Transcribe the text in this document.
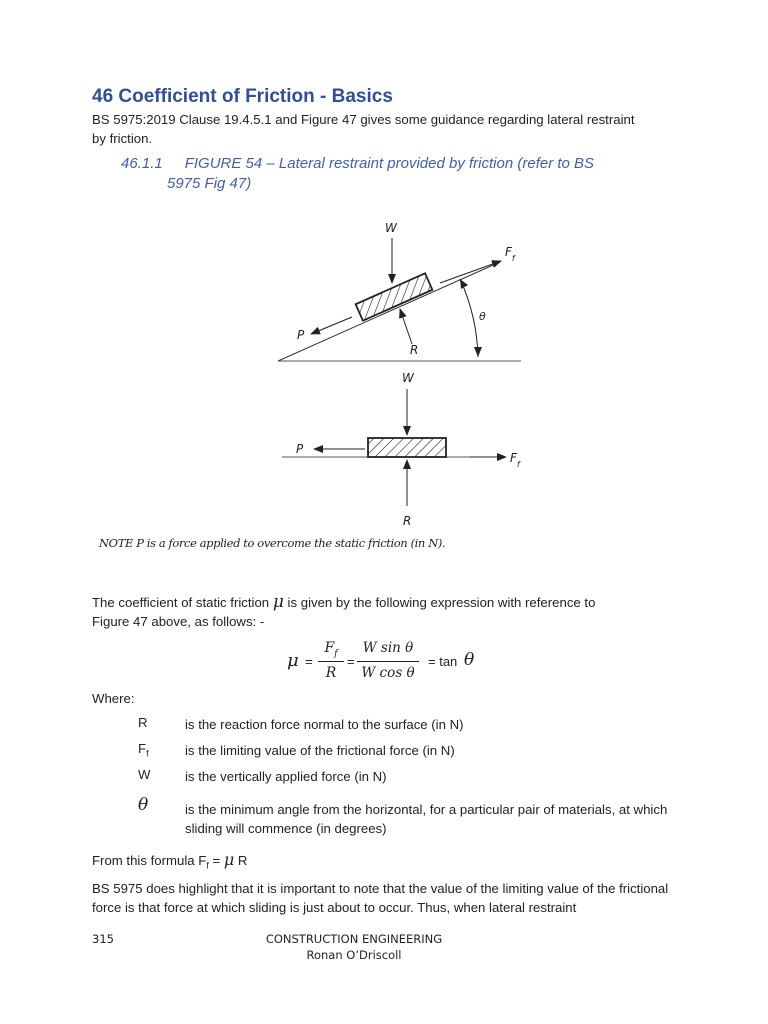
46 Coefficient of Friction - Basics
BS 5975:2019 Clause 19.4.5.1 and Figure 47 gives some guidance regarding lateral restraint by friction.
46.1.1 FIGURE 54 – Lateral restraint provided by friction (refer to BS
5975 Fig 47)
W
$F_f$
θ
P
R
W
P
$F_f$
R
NOTE P is a force applied to overcome the static friction (in N).
The coefficient of static friction μ is given by the following expression with reference to
Figure 47 above, as follows: -
μ =
$F_f$
R
=
W sin θ
W cos θ
= tan θ
Where:
R	is the reaction force normal to the surface (in N)
$F_f$	is the limiting value of the frictional force (in N)
W	is the vertically applied force (in N)
θ	is the minimum angle from the horizontal, for a particular pair of materials, at which sliding will commence (in degrees)
From this formula $F_f = \mu$ R
BS 5975 does highlight that it is important to note that the value of the limiting value of the frictional force is that force at which sliding is just about to occur. Thus, when lateral restraint
315	CONSTRUCTION ENGINEERING
Ronan O’Driscoll
